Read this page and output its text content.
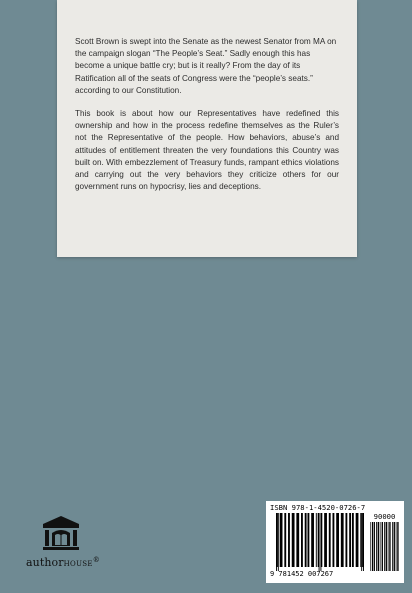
Scott Brown is swept into the Senate as the newest Senator from MA on the campaign slogan “The People’s Seat.” Sadly enough this has become a unique battle cry; but is it really? From the day of its Ratification all of the seats of Congress were the “people’s seats.” according to our Constitution.

This book is about how our Representatives have redefined this ownership and how in the process redefine themselves as the Ruler’s not the Representative of the people. How behaviors, abuse’s and attitudes of entitlement threaten the very foundations this Country was built on. With embezzlement of Treasury funds, rampant ethics violations and carrying out the very behaviors they criticize others for our government runs on hypocrisy, lies and deceptions.

authorHOUSE®
ISBN 978-1-4520-0726-7
90000
9 781452 007267
